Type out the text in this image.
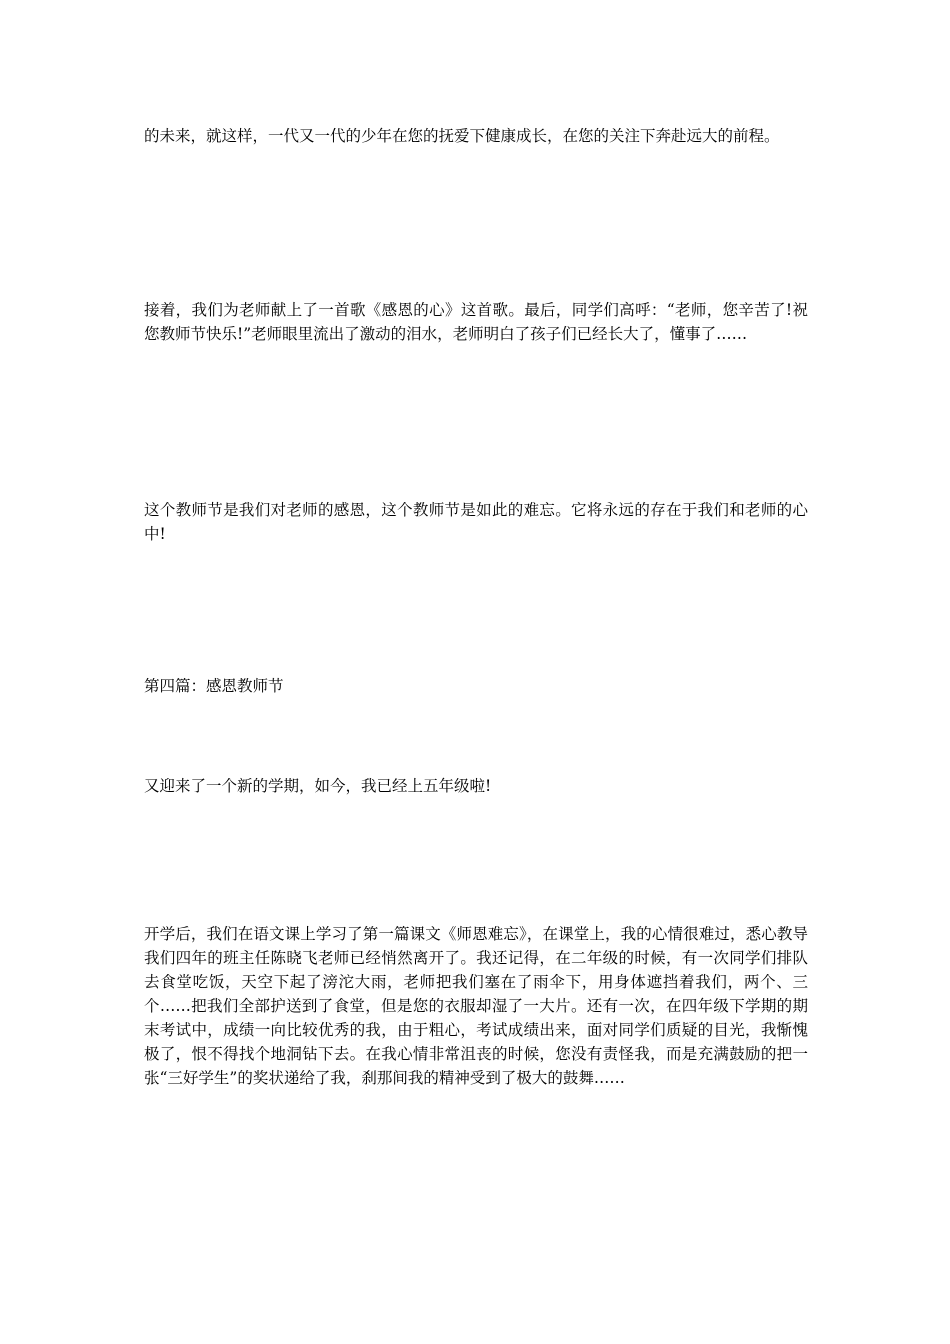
的未来，就这样，一代又一代的少年在您的抚爱下健康成长，在您的关注下奔赴远大的前程。

接着，我们为老师献上了一首歌《感恩的心》这首歌。最后，同学们高呼：“老师，您辛苦了!祝您教师节快乐!”老师眼里流出了激动的泪水，老师明白了孩子们已经长大了，懂事了……

这个教师节是我们对老师的感恩，这个教师节是如此的难忘。它将永远的存在于我们和老师的心中!

第四篇：感恩教师节

又迎来了一个新的学期，如今，我已经上五年级啦!

开学后，我们在语文课上学习了第一篇课文《师恩难忘》，在课堂上，我的心情很难过，悉心教导我们四年的班主任陈晓飞老师已经悄然离开了。我还记得，在二年级的时候，有一次同学们排队去食堂吃饭，天空下起了滂沱大雨，老师把我们塞在了雨伞下，用身体遮挡着我们，两个、三个……把我们全部护送到了食堂，但是您的衣服却湿了一大片。还有一次，在四年级下学期的期末考试中，成绩一向比较优秀的我，由于粗心，考试成绩出来，面对同学们质疑的目光，我惭愧极了，恨不得找个地洞钻下去。在我心情非常沮丧的时候，您没有责怪我，而是充满鼓励的把一张“三好学生”的奖状递给了我，刹那间我的精神受到了极大的鼓舞……
